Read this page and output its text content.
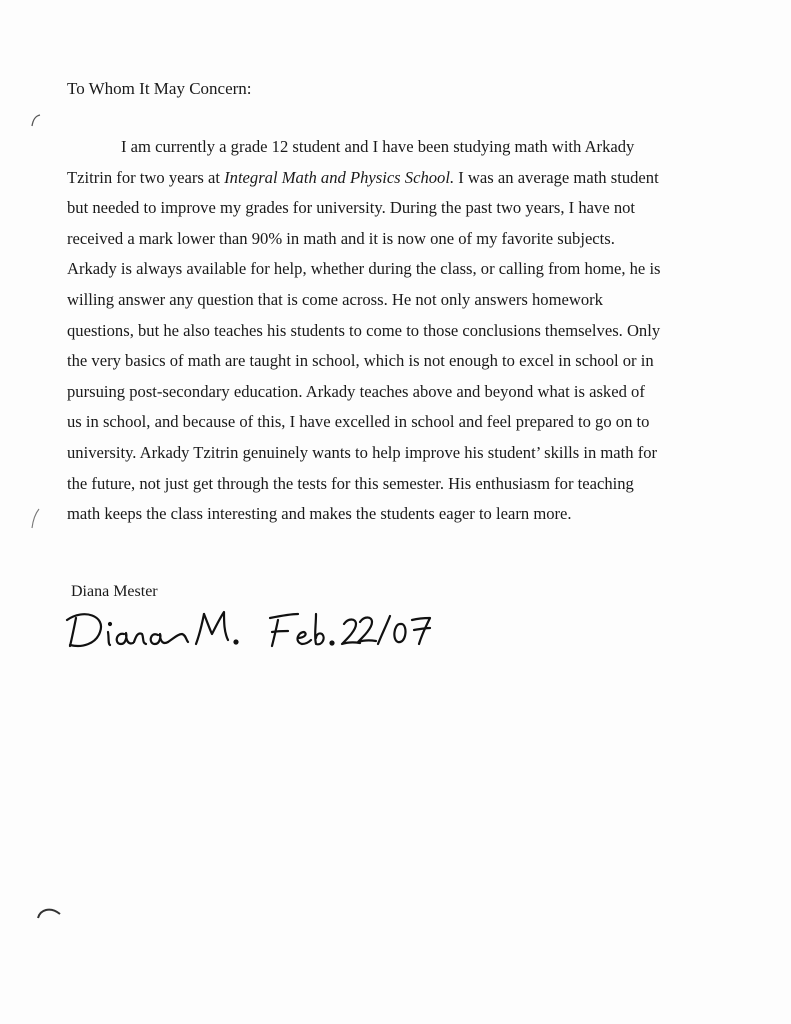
To Whom It May Concern:
I am currently a grade 12 student and I have been studying math with Arkady
Tzitrin for two years at Integral Math and Physics School. I was an average math student
but needed to improve my grades for university. During the past two years, I have not
received a mark lower than 90% in math and it is now one of my favorite subjects.
Arkady is always available for help, whether during the class, or calling from home, he is
willing answer any question that is come across. He not only answers homework
questions, but he also teaches his students to come to those conclusions themselves. Only
the very basics of math are taught in school, which is not enough to excel in school or in
pursuing post-secondary education. Arkady teaches above and beyond what is asked of
us in school, and because of this, I have excelled in school and feel prepared to go on to
university. Arkady Tzitrin genuinely wants to help improve his student’ skills in math for
the future, not just get through the tests for this semester. His enthusiasm for teaching
math keeps the class interesting and makes the students eager to learn more.
Diana Mester
